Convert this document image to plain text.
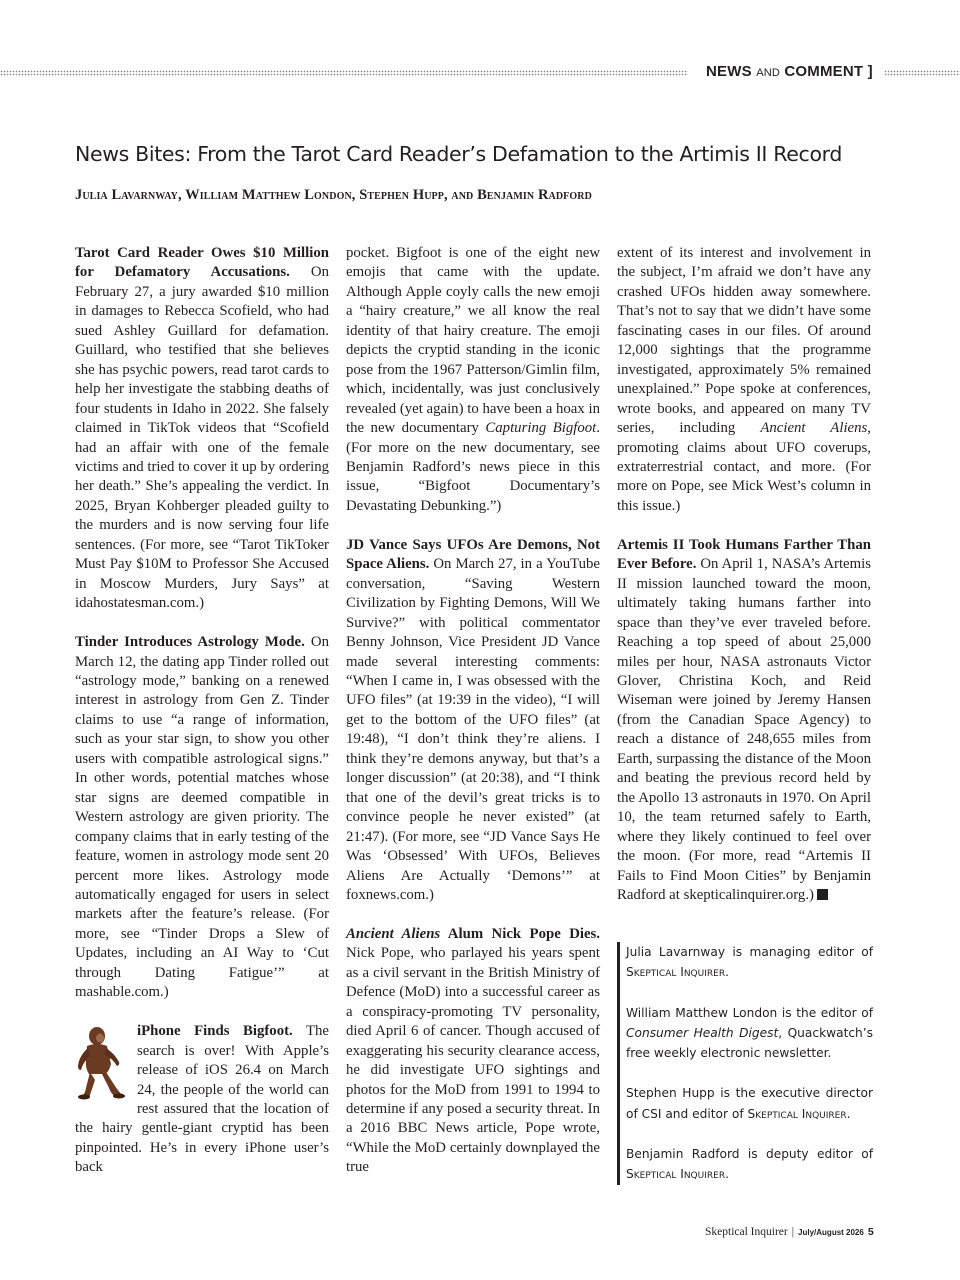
NEWS AND COMMENT ]
News Bites: From the Tarot Card Reader’s Defamation to the Artimis II Record
Julia Lavarnway, William Matthew London, Stephen Hupp, and Benjamin Radford

Tarot Card Reader Owes $10 Million for Defamatory Accusations. On February 27, a jury awarded $10 million in damages to Rebecca Scofield, who had sued Ashley Guillard for defamation. Guillard, who testified that she believes she has psychic powers, read tarot cards to help her investigate the stabbing deaths of four students in Idaho in 2022. She falsely claimed in TikTok videos that “Scofield had an affair with one of the female victims and tried to cover it up by ordering her death.” She’s appealing the verdict. In 2025, Bryan Kohberger pleaded guilty to the murders and is now serving four life sentences. (For more, see “Tarot TikToker Must Pay $10M to Professor She Accused in Moscow Murders, Jury Says” at idahostatesman.com.)

Tinder Introduces Astrology Mode. On March 12, the dating app Tinder rolled out “astrology mode,” banking on a renewed interest in astrology from Gen Z. Tinder claims to use “a range of information, such as your star sign, to show you other users with compatible astrological signs.” In other words, potential matches whose star signs are deemed compatible in Western astrology are given priority. The company claims that in early testing of the feature, women in astrology mode sent 20 percent more likes. Astrology mode automatically engaged for users in select markets after the feature’s release. (For more, see “Tinder Drops a Slew of Updates, including an AI Way to ‘Cut through Dating Fatigue’” at mashable.com.)

iPhone Finds Bigfoot. The search is over! With Apple’s release of iOS 26.4 on March 24, the people of the world can rest assured that the location of the hairy gentle-giant cryptid has been pinpointed. He’s in every iPhone user’s back

pocket. Bigfoot is one of the eight new emojis that came with the update. Although Apple coyly calls the new emoji a “hairy creature,” we all know the real identity of that hairy creature. The emoji depicts the cryptid standing in the iconic pose from the 1967 Patterson/Gimlin film, which, incidentally, was just conclusively revealed (yet again) to have been a hoax in the new documentary Capturing Bigfoot. (For more on the new documentary, see Benjamin Radford’s news piece in this issue, “Bigfoot Documentary’s Devastating Debunking.”)

JD Vance Says UFOs Are Demons, Not Space Aliens. On March 27, in a YouTube conversation, “Saving Western Civilization by Fighting Demons, Will We Survive?” with political commentator Benny Johnson, Vice President JD Vance made several interesting comments: “When I came in, I was obsessed with the UFO files” (at 19:39 in the video), “I will get to the bottom of the UFO files” (at 19:48), “I don’t think they’re aliens. I think they’re demons anyway, but that’s a longer discussion” (at 20:38), and “I think that one of the devil’s great tricks is to convince people he never existed” (at 21:47). (For more, see “JD Vance Says He Was ‘Obsessed’ With UFOs, Believes Aliens Are Actually ‘Demons’” at foxnews.com.)

Ancient Aliens Alum Nick Pope Dies. Nick Pope, who parlayed his years spent as a civil servant in the British Ministry of Defence (MoD) into a successful career as a conspiracy-promoting TV personality, died April 6 of cancer. Though accused of exaggerating his security clearance access, he did investigate UFO sightings and photos for the MoD from 1991 to 1994 to determine if any posed a security threat. In a 2016 BBC News article, Pope wrote, “While the MoD certainly downplayed the true

extent of its interest and involvement in the subject, I’m afraid we don’t have any crashed UFOs hidden away somewhere. That’s not to say that we didn’t have some fascinating cases in our files. Of around 12,000 sightings that the programme investigated, approximately 5% remained unexplained.” Pope spoke at conferences, wrote books, and appeared on many TV series, including Ancient Aliens, promoting claims about UFO coverups, extraterrestrial contact, and more. (For more on Pope, see Mick West’s column in this issue.)

Artemis II Took Humans Farther Than Ever Before. On April 1, NASA’s Artemis II mission launched toward the moon, ultimately taking humans farther into space than they’ve ever traveled before. Reaching a top speed of about 25,000 miles per hour, NASA astronauts Victor Glover, Christina Koch, and Reid Wiseman were joined by Jeremy Hansen (from the Canadian Space Agency) to reach a distance of 248,655 miles from Earth, surpassing the distance of the Moon and beating the previous record held by the Apollo 13 astronauts in 1970. On April 10, the team returned safely to Earth, where they likely continued to feel over the moon. (For more, read “Artemis II Fails to Find Moon Cities” by Benjamin Radford at skepticalinquirer.org.)

Julia Lavarnway is managing editor of Skeptical Inquirer.
William Matthew London is the editor of Consumer Health Digest, Quackwatch’s free weekly electronic newsletter.
Stephen Hupp is the executive director of CSI and editor of Skeptical Inquirer.
Benjamin Radford is deputy editor of Skeptical Inquirer.
Skeptical Inquirer | July/August 2026 5
